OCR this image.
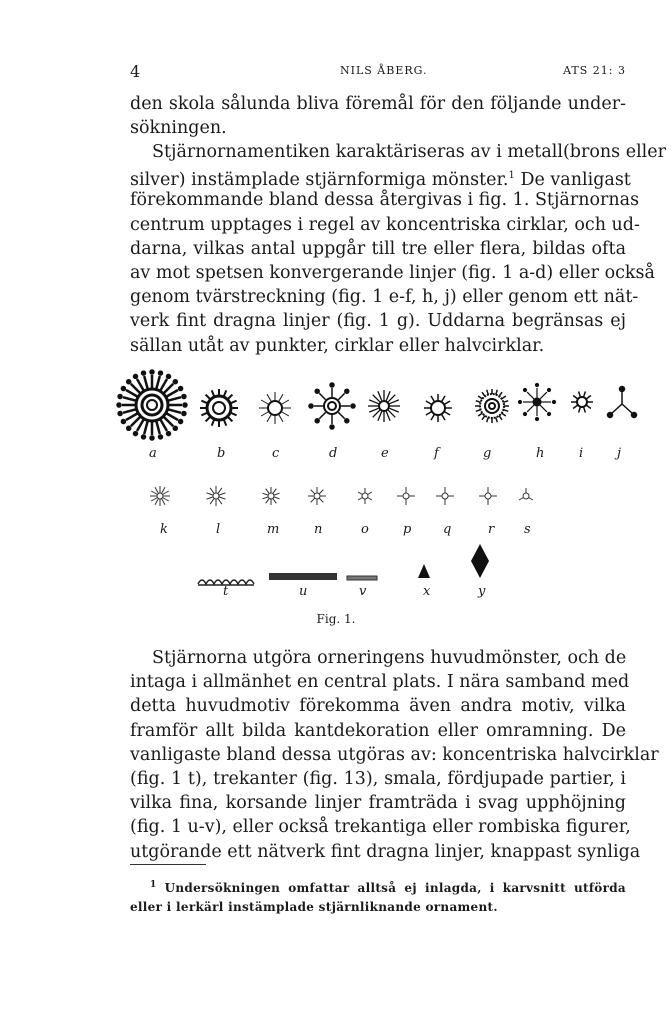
4	NILS ÅBERG.	ATS 21: 3
den skola sålunda bliva föremål för den följande under-
sökningen.
Stjärnornamentiken karaktäriseras av i metall(brons eller
silver) instämplade stjärnformiga mönster.$^1$ De vanligast
förekommande bland dessa återgivas i fig. 1. Stjärnornas
centrum upptages i regel av koncentriska cirklar, och ud-
darna, vilkas antal uppgår till tre eller flera, bildas ofta
av mot spetsen konvergerande linjer (fig. 1 a-d) eller också
genom tvärstreckning (fig. 1 e-f, h, j) eller genom ett nät-
verk fint dragna linjer (fig. 1 g). Uddarna begränsas ej
sällan utåt av punkter, cirklar eller halvcirklar.
a	b	c	d	e	f	g	h	i	j
k	l	m	n	o	p q	r s
t	u	v	x	y
Fig. 1.
Stjärnorna utgöra orneringens huvudmönster, och de
intaga i allmänhet en central plats. I nära samband med
detta huvudmotiv förekomma även andra motiv, vilka
framför allt bilda kantdekoration eller omramning. De
vanligaste bland dessa utgöras av: koncentriska halvcirklar
(fig. 1 t), trekanter (fig. 13), smala, fördjupade partier, i
vilka fina, korsande linjer framträda i svag upphöjning
(fig. 1 u-v), eller också trekantiga eller rombiska figurer,
utgörande ett nätverk fint dragna linjer, knappast synliga
$^1$ Undersökningen omfattar alltså ej inlagda, i karvsnitt utförda
eller i lerkärl instämplade stjärnliknande ornament.
